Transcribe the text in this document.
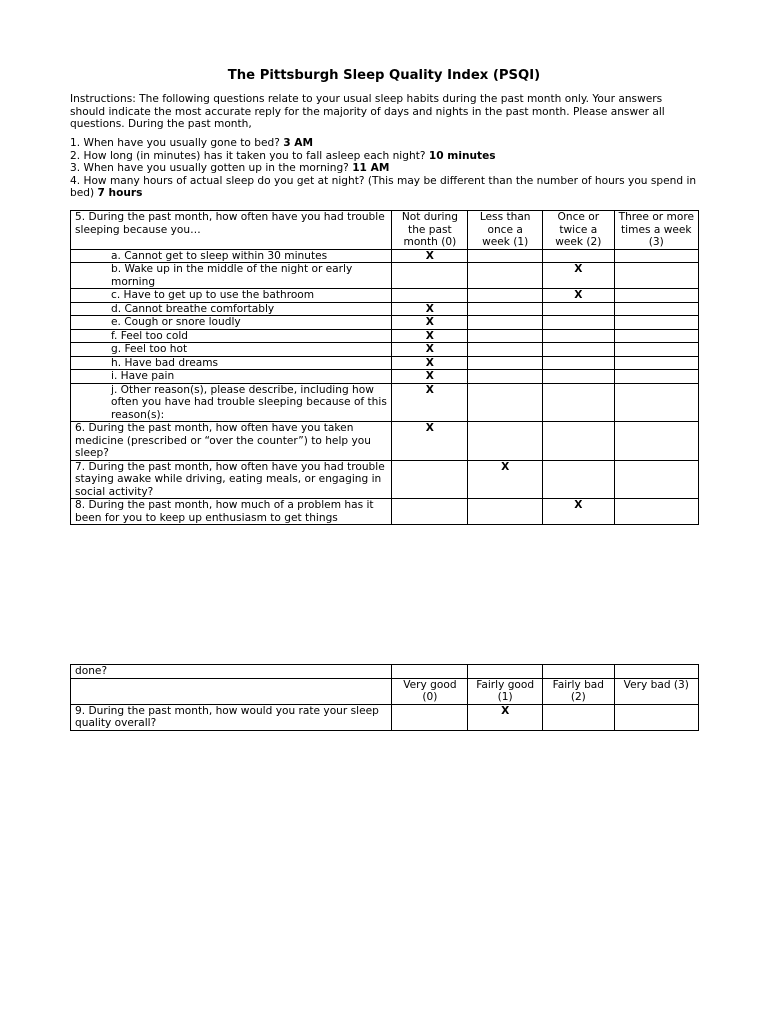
The Pittsburgh Sleep Quality Index (PSQI)
Instructions: The following questions relate to your usual sleep habits during the past month only. Your answers should indicate the most accurate reply for the majority of days and nights in the past month. Please answer all questions. During the past month,
1. When have you usually gone to bed? 3 AM
2. How long (in minutes) has it taken you to fall asleep each night? 10 minutes
3. When have you usually gotten up in the morning? 11 AM
4. How many hours of actual sleep do you get at night? (This may be different than the number of hours you spend in bed) 7 hours
5. During the past month, how often have you had trouble sleeping because you…	Not during the past month (0)	Less than once a week (1)	Once or twice a week (2)	Three or more times a week (3)
a. Cannot get to sleep within 30 minutes	X			
b. Wake up in the middle of the night or early morning			X	
c. Have to get up to use the bathroom			X	
d. Cannot breathe comfortably	X			
e. Cough or snore loudly	X			
f. Feel too cold	X			
g. Feel too hot	X			
h. Have bad dreams	X			
i. Have pain	X			
j. Other reason(s), please describe, including how often you have had trouble sleeping because of this reason(s):	X			
6. During the past month, how often have you taken medicine (prescribed or “over the counter”) to help you sleep?	X			
7. During the past month, how often have you had trouble staying awake while driving, eating meals, or engaging in social activity?		X		
8. During the past month, how much of a problem has it been for you to keep up enthusiasm to get things			X	
done?				
	Very good (0)	Fairly good (1)	Fairly bad (2)	Very bad (3)
9. During the past month, how would you rate your sleep quality overall?		X		
